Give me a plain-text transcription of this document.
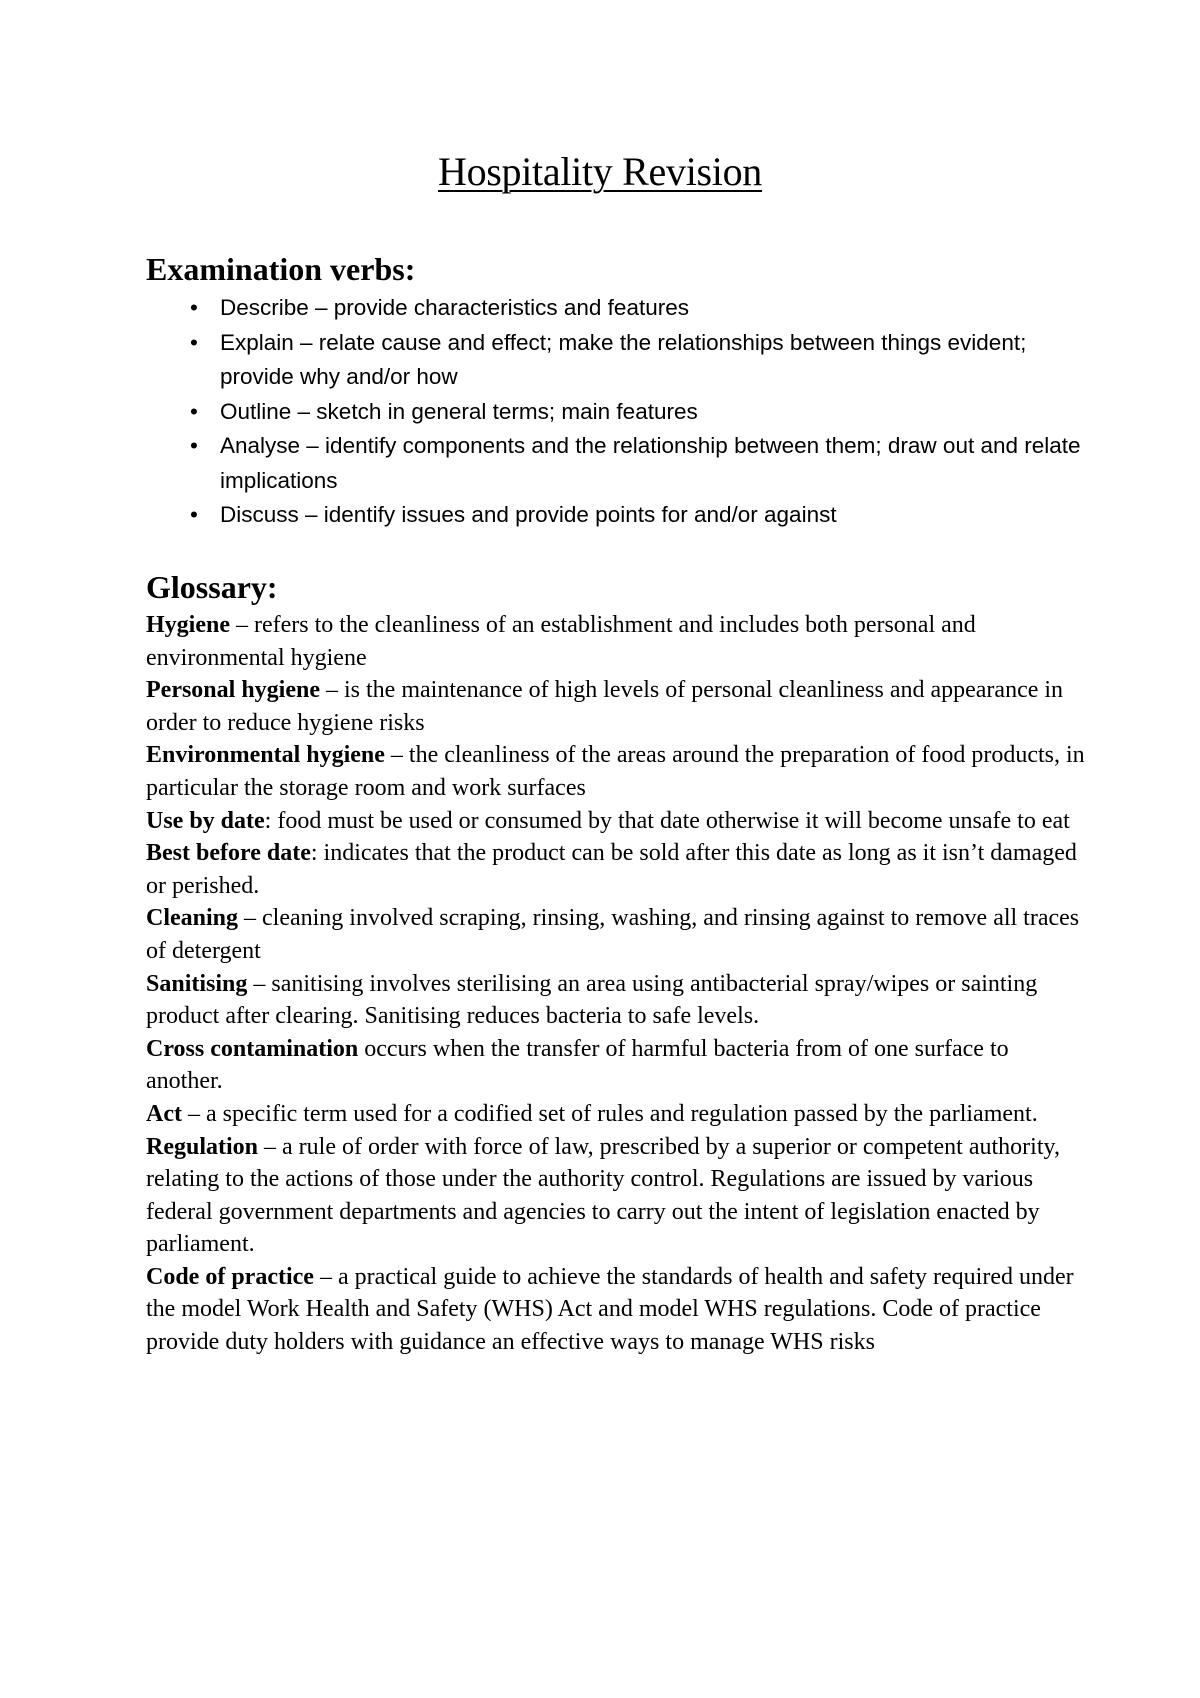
Hospitality Revision
Examination verbs:
• Describe – provide characteristics and features
• Explain – relate cause and effect; make the relationships between things evident; provide why and/or how
• Outline – sketch in general terms; main features
• Analyse – identify components and the relationship between them; draw out and relate implications
• Discuss – identify issues and provide points for and/or against
Glossary:

Hygiene – refers to the cleanliness of an establishment and includes both personal and environmental hygiene

Personal hygiene – is the maintenance of high levels of personal cleanliness and appearance in order to reduce hygiene risks

Environmental hygiene – the cleanliness of the areas around the preparation of food products, in particular the storage room and work surfaces

Use by date: food must be used or consumed by that date otherwise it will become unsafe to eat

Best before date: indicates that the product can be sold after this date as long as it isn’t damaged or perished.

Cleaning – cleaning involved scraping, rinsing, washing, and rinsing against to remove all traces of detergent

Sanitising – sanitising involves sterilising an area using antibacterial spray/wipes or sainting product after clearing. Sanitising reduces bacteria to safe levels.

Cross contamination occurs when the transfer of harmful bacteria from of one surface to another.

Act – a specific term used for a codified set of rules and regulation passed by the parliament.

Regulation – a rule of order with force of law, prescribed by a superior or competent authority, relating to the actions of those under the authority control. Regulations are issued by various federal government departments and agencies to carry out the intent of legislation enacted by parliament.

Code of practice – a practical guide to achieve the standards of health and safety required under the model Work Health and Safety (WHS) Act and model WHS regulations. Code of practice provide duty holders with guidance an effective ways to manage WHS risks
